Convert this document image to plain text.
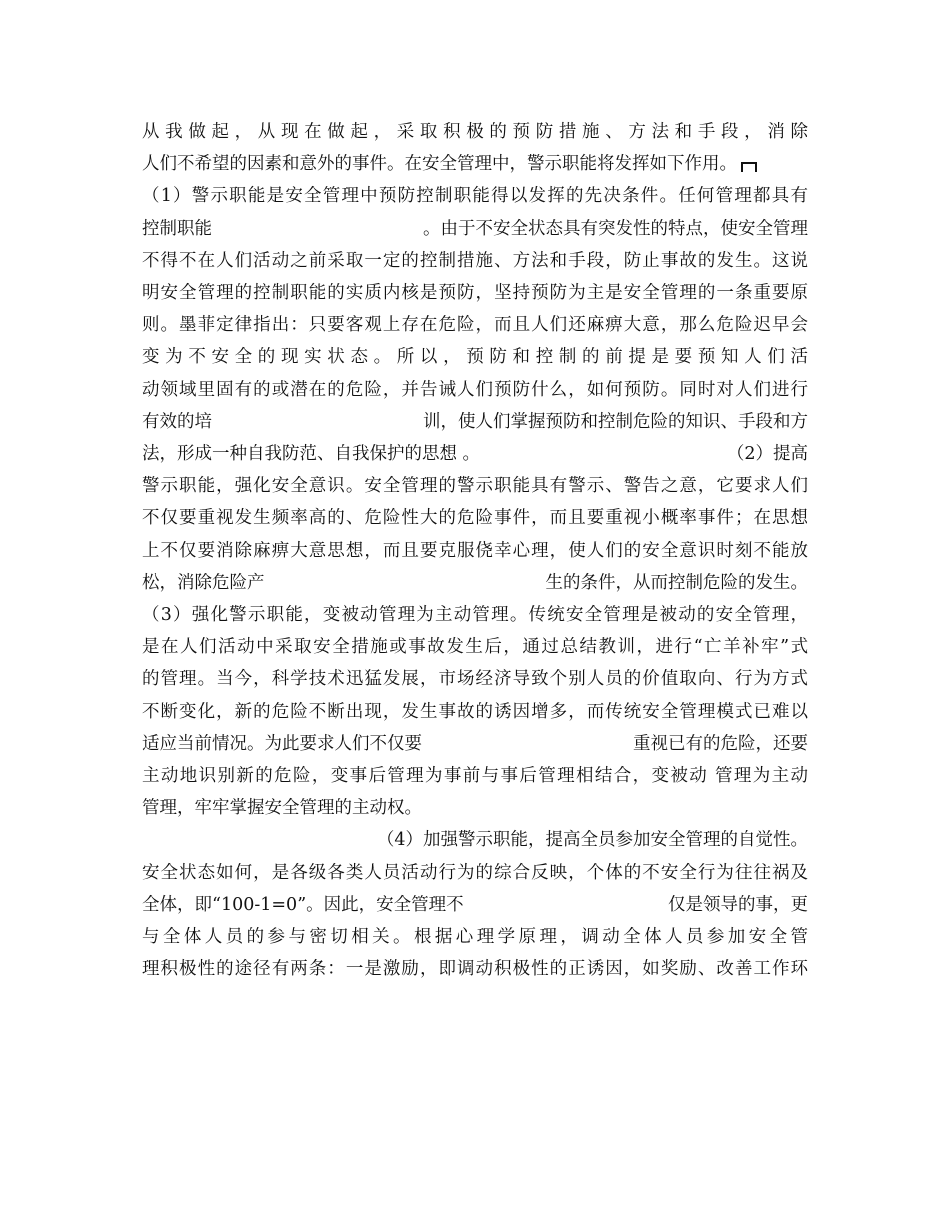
从我做起，从现在做起，采取积极的预防措施、方法和手段，消除
人们不希望的因素和意外的事件。在安全管理中，警示职能将发挥如下作用。
（1）警示职能是安全管理中预防控制职能得以发挥的先决条件。任何管理都具有
控制职能	。由于不安全状态具有突发性的特点，使安全管理
不得不在人们活动之前采取一定的控制措施、方法和手段，防止事故的发生。这说
明安全管理的控制职能的实质内核是预防，坚持预防为主是安全管理的一条重要原
则。墨菲定律指出：只要客观上存在危险，而且人们还麻痹大意，那么危险迟早会
变为不安全的现实状态。所以，预防和控制的前提是要预知人们活
动领域里固有的或潜在的危险，并告诫人们预防什么，如何预防。同时对人们进行
有效的培	训，使人们掌握预防和控制危险的知识、手段和方
法，形成一种自我防范、自我保护的思想 。	（2）提高
警示职能，强化安全意识。安全管理的警示职能具有警示、警告之意，它要求人们
不仅要重视发生频率高的、危险性大的危险事件，而且要重视小概率事件；在思想
上不仅要消除麻痹大意思想，而且要克服侥幸心理，使人们的安全意识时刻不能放
松，消除危险产	生的条件，从而控制危险的发生。
（3）强化警示职能，变被动管理为主动管理。传统安全管理是被动的安全管理，
是在人们活动中采取安全措施或事故发生后，通过总结教训，进行“亡羊补牢”式
的管理。当今，科学技术迅猛发展，市场经济导致个别人员的价值取向、行为方式
不断变化，新的危险不断出现，发生事故的诱因增多，而传统安全管理模式已难以
适应当前情况。为此要求人们不仅要	重视已有的危险，还要
主动地识别新的危险，变事后管理为事前与事后管理相结合，变被动 管理为主动
管理，牢牢掌握安全管理的主动权。
（4）加强警示职能，提高全员参加安全管理的自觉性。
安全状态如何，是各级各类人员活动行为的综合反映，个体的不安全行为往往祸及
全体，即“100-1=0”。因此，安全管理不	仅是领导的事，更
与全体人员的参与密切相关。根据心理学原理，调动全体人员参加安全管
理积极性的途径有两条：一是激励，即调动积极性的正诱因，如奖励、改善工作环
